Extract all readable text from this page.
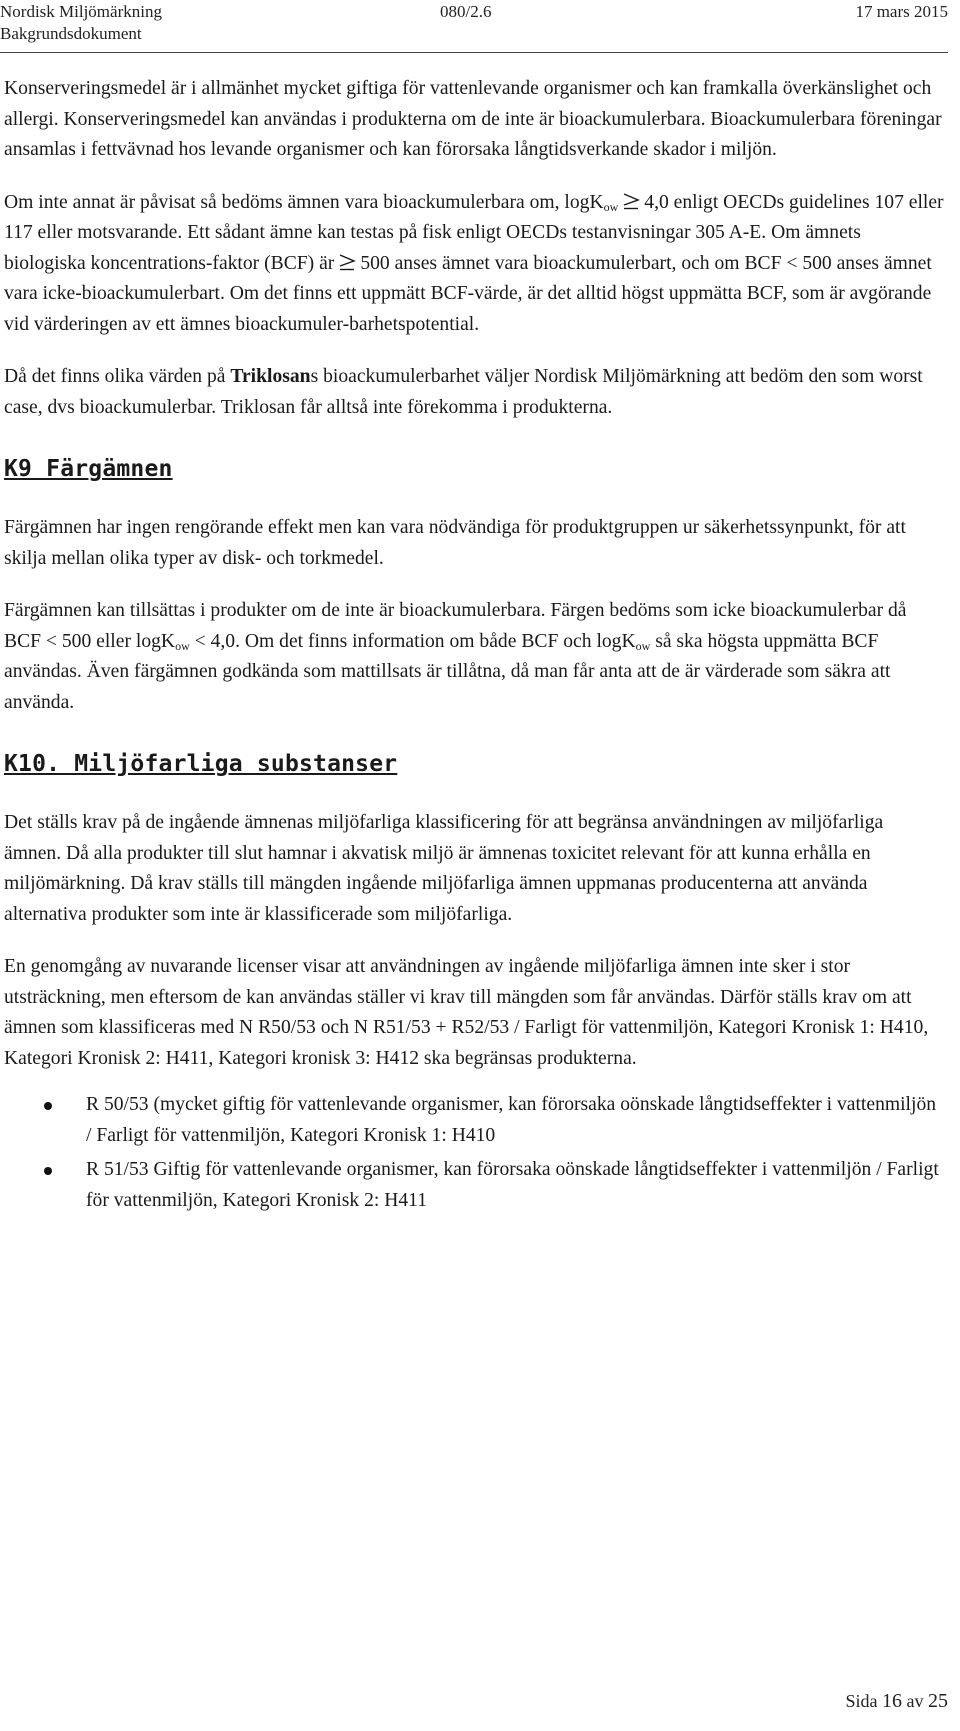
Nordisk Miljömärkning
Bakgrundsdokument
080/2.6	17 mars 2015

Konserveringsmedel är i allmänhet mycket giftiga för vattenlevande organismer och kan framkalla överkänslighet och allergi. Konserveringsmedel kan användas i produkterna om de inte är bioackumulerbara. Bioackumulerbara föreningar ansamlas i fettvävnad hos levande organismer och kan förorsaka långtidsverkande skador i miljön.

Om inte annat är påvisat så bedöms ämnen vara bioackumulerbara om, logK$_{ow}$ 4,0 enligt OECDs guidelines 107 eller 117 eller motsvarande. Ett sådant ämne kan testas på fisk enligt OECDs testanvisningar 305 A-E. Om ämnets biologiska koncentrations-faktor (BCF) är 500 anses ämnet vara bioackumulerbart, och om BCF < 500 anses ämnet vara icke-bioackumulerbart. Om det finns ett uppmätt BCF-värde, är det alltid högst uppmätta BCF, som är avgörande vid värderingen av ett ämnes bioackumuler-barhetspotential.

Då det finns olika värden på Triklosans bioackumulerbarhet väljer Nordisk Miljömärkning att bedöm den som worst case, dvs bioackumulerbar. Triklosan får alltså inte förekomma i produkterna.

K9 Färgämnen

Färgämnen har ingen rengörande effekt men kan vara nödvändiga för produktgruppen ur säkerhetssynpunkt, för att skilja mellan olika typer av disk- och torkmedel.

Färgämnen kan tillsättas i produkter om de inte är bioackumulerbara. Färgen bedöms som icke bioackumulerbar då BCF < 500 eller logK$_{ow}$ < 4,0. Om det finns information om både BCF och logK$_{ow}$ så ska högsta uppmätta BCF användas. Även färgämnen godkända som mattillsats är tillåtna, då man får anta att de är värderade som säkra att använda.

K10. Miljöfarliga substanser

Det ställs krav på de ingående ämnenas miljöfarliga klassificering för att begränsa användningen av miljöfarliga ämnen. Då alla produkter till slut hamnar i akvatisk miljö är ämnenas toxicitet relevant för att kunna erhålla en miljömärkning. Då krav ställs till mängden ingående miljöfarliga ämnen uppmanas producenterna att använda alternativa produkter som inte är klassificerade som miljöfarliga.

En genomgång av nuvarande licenser visar att användningen av ingående miljöfarliga ämnen inte sker i stor utsträckning, men eftersom de kan användas ställer vi krav till mängden som får användas. Därför ställs krav om att ämnen som klassificeras med N R50/53 och N R51/53 + R52/53 / Farligt för vattenmiljön, Kategori Kronisk 1: H410, Kategori Kronisk 2: H411, Kategori kronisk 3: H412 ska begränsas produkterna.

R 50/53 (mycket giftig för vattenlevande organismer, kan förorsaka oönskade långtidseffekter i vattenmiljön / Farligt för vattenmiljön, Kategori Kronisk 1: H410
R 51/53 Giftig för vattenlevande organismer, kan förorsaka oönskade långtidseffekter i vattenmiljön / Farligt för vattenmiljön, Kategori Kronisk 2: H411
Sida 16 av 25
